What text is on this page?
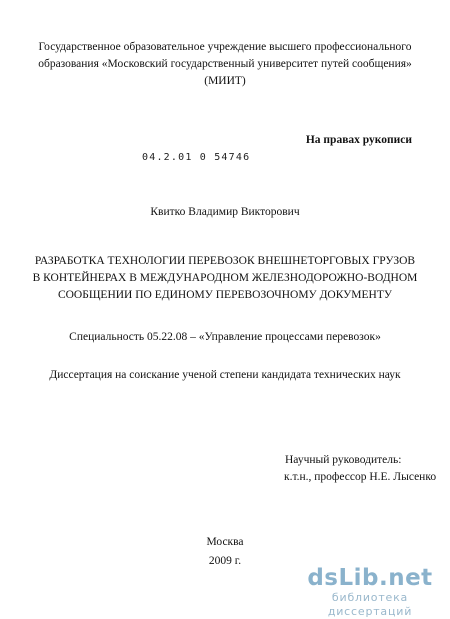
Государственное образовательное учреждение высшего профессионального
образования «Московский государственный университет путей сообщения»
(МИИТ)
На правах рукописи
04.2.01 0 54746
Квитко Владимир Викторович
РАЗРАБОТКА ТЕХНОЛОГИИ ПЕРЕВОЗОК ВНЕШНЕТОРГОВЫХ ГРУЗОВ
В КОНТЕЙНЕРАХ В МЕЖДУНАРОДНОМ ЖЕЛЕЗНОДОРОЖНО-ВОДНОМ
СООБЩЕНИИ ПО ЕДИНОМУ ПЕРЕВОЗОЧНОМУ ДОКУМЕНТУ
Специальность 05.22.08 – «Управление процессами перевозок»
Диссертация на соискание ученой степени кандидата технических наук
Научный руководитель:
к.т.н., профессор Н.Е. Лысенко
Москва
2009 г.
dsLib.net
библиотека диссертаций
